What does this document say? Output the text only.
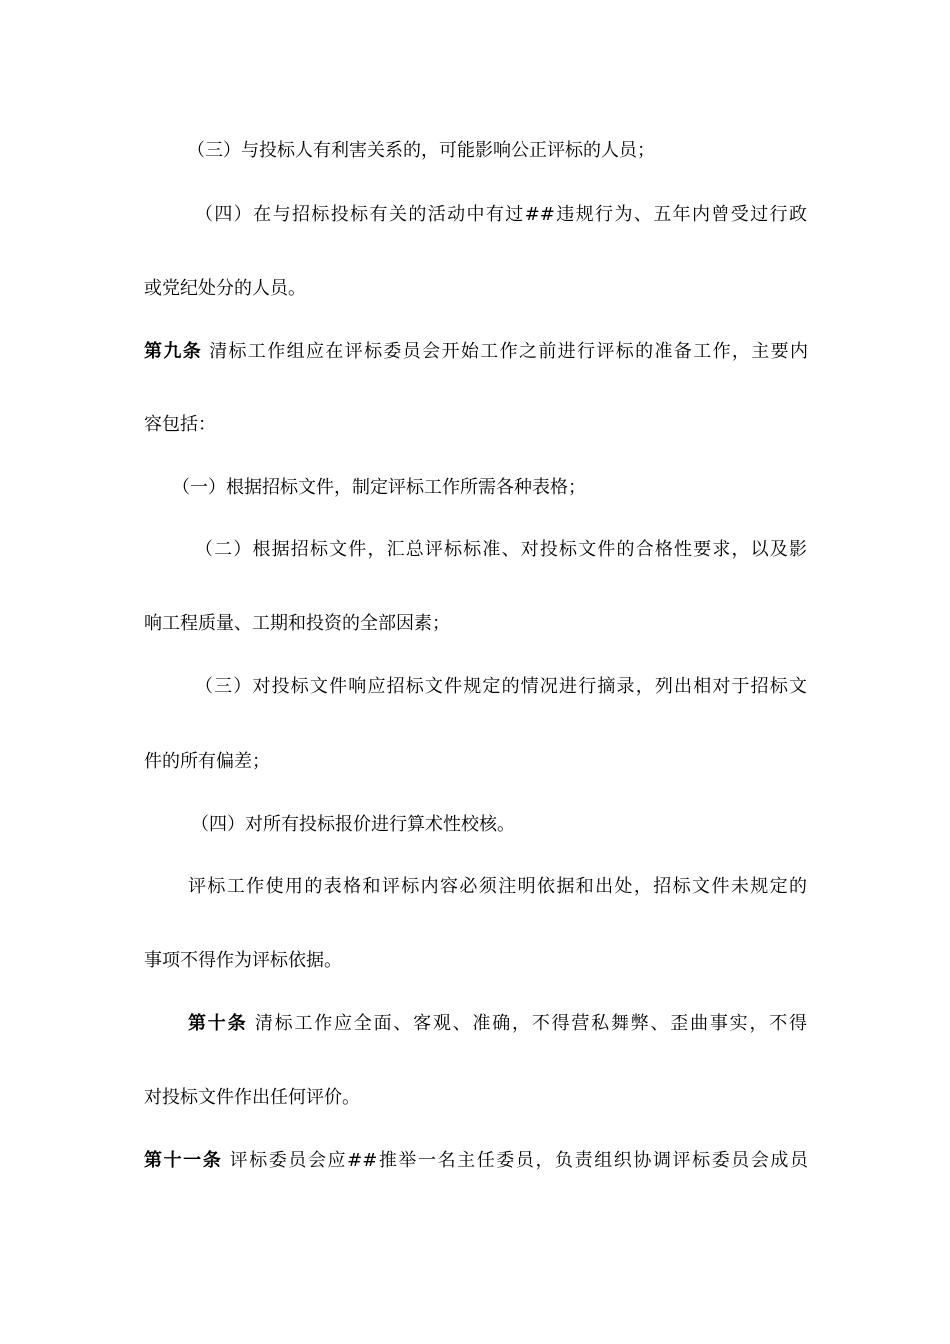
（三）与投标人有利害关系的，可能影响公正评标的人员；
（四）在与招标投标有关的活动中有过##违规行为、五年内曾受过行政
或党纪处分的人员。
第九条 清标工作组应在评标委员会开始工作之前进行评标的准备工作，主要内
容包括：
（一）根据招标文件，制定评标工作所需各种表格；
（二）根据招标文件，汇总评标标准、对投标文件的合格性要求，以及影
响工程质量、工期和投资的全部因素；
（三）对投标文件响应招标文件规定的情况进行摘录，列出相对于招标文
件的所有偏差；
（四）对所有投标报价进行算术性校核。
评标工作使用的表格和评标内容必须注明依据和出处，招标文件未规定的
事项不得作为评标依据。
第十条 清标工作应全面、客观、准确，不得营私舞弊、歪曲事实，不得
对投标文件作出任何评价。
第十一条 评标委员会应##推举一名主任委员，负责组织协调评标委员会成员
